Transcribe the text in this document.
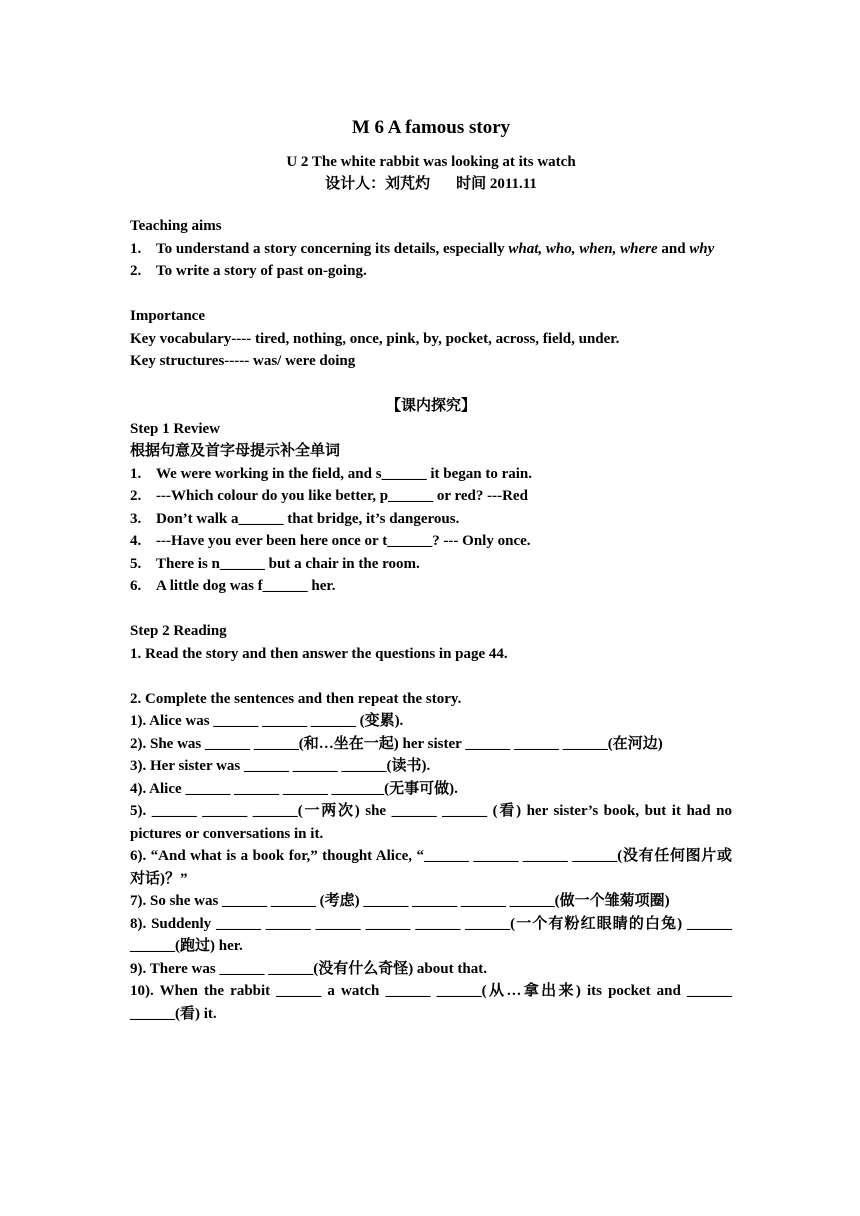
M 6 A famous story
U 2 The white rabbit was looking at its watch
设计人：刘芃灼 时间 2011.11

Teaching aims

1. To understand a story concerning its details, especially what, who, when, where and why
2. To write a story of past on-going.

Importance

Key vocabulary---- tired, nothing, once, pink, by, pocket, across, field, under.

Key structures----- was/ were doing

【课内探究】

Step 1 Review

根据句意及首字母提示补全单词

1. We were working in the field, and s______ it began to rain.
2. ---Which colour do you like better, p______ or red? ---Red
3. Don’t walk a______ that bridge, it’s dangerous.
4. ---Have you ever been here once or t______? --- Only once.
5. There is n______ but a chair in the room.
6. A little dog was f______ her.

Step 2 Reading

1. Read the story and then answer the questions in page 44.

2. Complete the sentences and then repeat the story.

1). Alice was ______ ______ ______ (变累).

2). She was ______ ______(和…坐在一起) her sister ______ ______ ______(在河边)

3). Her sister was ______ ______ ______(读书).

4). Alice ______ ______ ______ _______(无事可做).

5). ______ ______ ______(一两次) she ______ ______ (看) her sister’s book, but it had no pictures or conversations in it.

6). “And what is a book for,” thought Alice, “______ ______ ______ ______(没有任何图片或对话)？”

7). So she was ______ ______ (考虑) ______ ______ ______ ______(做一个雏菊项圈)

8). Suddenly ______ ______ ______ ______ ______ ______(一个有粉红眼睛的白兔) ______ ______(跑过) her.

9). There was ______ ______(没有什么奇怪) about that.

10). When the rabbit ______ a watch ______ ______(从…拿出来) its pocket and ______ ______(看) it.
